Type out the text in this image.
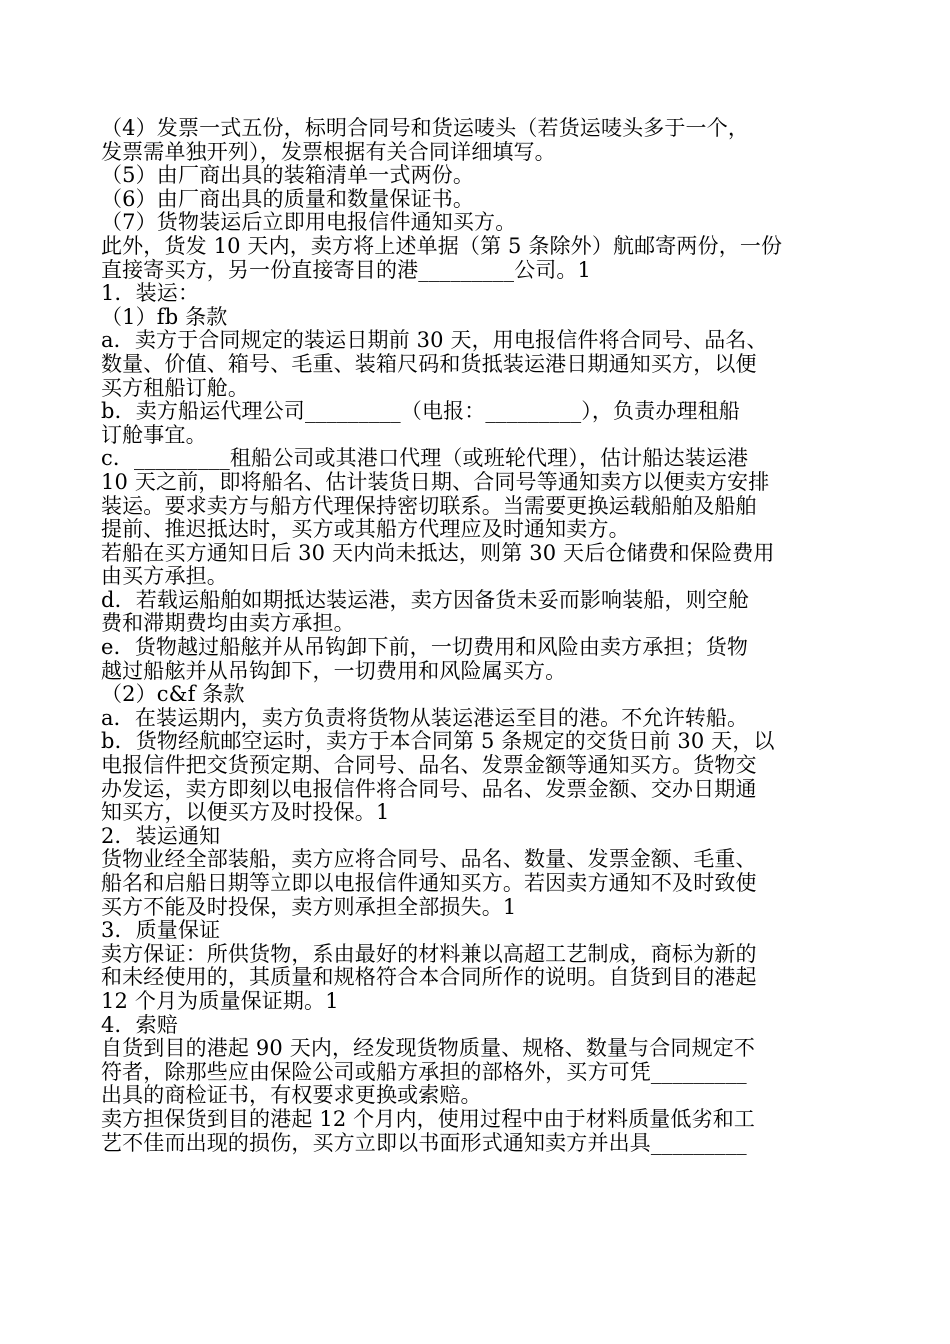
（4）发票一式五份，标明合同号和货运唛头（若货运唛头多于一个，
发票需单独开列），发票根据有关合同详细填写。
（5）由厂商出具的装箱清单一式两份。
（6）由厂商出具的质量和数量保证书。
（7）货物装运后立即用电报信件通知买方。
此外，货发 10 天内，卖方将上述单据（第 5 条除外）航邮寄两份，一份
直接寄买方，另一份直接寄目的港_________公司。1
1．装运：
（1）fb 条款
a．卖方于合同规定的装运日期前 30 天，用电报信件将合同号、品名、
数量、价值、箱号、毛重、装箱尺码和货抵装运港日期通知买方，以便
买方租船订舱。
b．卖方船运代理公司_________（电报：_________），负责办理租船
订舱事宜。
c．_________租船公司或其港口代理（或班轮代理），估计船达装运港
10 天之前，即将船名、估计装货日期、合同号等通知卖方以便卖方安排
装运。要求卖方与船方代理保持密切联系。当需要更换运载船舶及船舶
提前、推迟抵达时，买方或其船方代理应及时通知卖方。
若船在买方通知日后 30 天内尚未抵达，则第 30 天后仓储费和保险费用
由买方承担。
d．若载运船舶如期抵达装运港，卖方因备货未妥而影响装船，则空舱
费和滞期费均由卖方承担。
e．货物越过船舷并从吊钩卸下前，一切费用和风险由卖方承担；货物
越过船舷并从吊钩卸下，一切费用和风险属买方。
（2）c&f 条款
a．在装运期内，卖方负责将货物从装运港运至目的港。不允许转船。
b．货物经航邮空运时，卖方于本合同第 5 条规定的交货日前 30 天，以
电报信件把交货预定期、合同号、品名、发票金额等通知买方。货物交
办发运，卖方即刻以电报信件将合同号、品名、发票金额、交办日期通
知买方，以便买方及时投保。1
2．装运通知
货物业经全部装船，卖方应将合同号、品名、数量、发票金额、毛重、
船名和启船日期等立即以电报信件通知买方。若因卖方通知不及时致使
买方不能及时投保，卖方则承担全部损失。1
3．质量保证
卖方保证：所供货物，系由最好的材料兼以高超工艺制成，商标为新的
和未经使用的，其质量和规格符合本合同所作的说明。自货到目的港起
12 个月为质量保证期。1
4．索赔
自货到目的港起 90 天内，经发现货物质量、规格、数量与合同规定不
符者，除那些应由保险公司或船方承担的部格外，买方可凭_________
出具的商检证书，有权要求更换或索赔。
卖方担保货到目的港起 12 个月内，使用过程中由于材料质量低劣和工
艺不佳而出现的损伤，买方立即以书面形式通知卖方并出具_________
